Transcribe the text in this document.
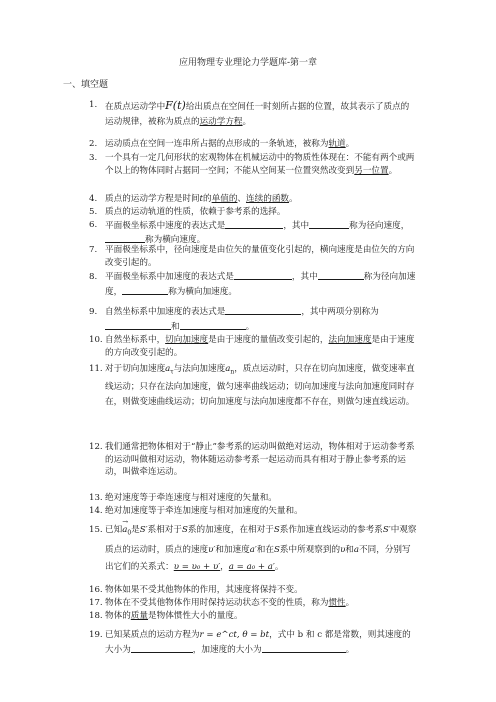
应用物理专业理论力学题库-第一章
一、填空题
1. 在质点运动学中F(t)给出质点在空间任一时刻所占据的位置，故其表示了质点的运动规律，被称为质点的运动学方程。
2. 运动质点在空间一连串所占据的点形成的一条轨迹，被称为轨道。
3. 一个具有一定几何形状的宏观物体在机械运动中的物质性体现在：不能有两个或两个以上的物体同时占据同一空间；不能从空间某一位置突然改变到另一位置。
4. 质点的运动学方程是时间t的单值的、连续的函数。
5. 质点的运动轨道的性质，依赖于参考系的选择。
6. 平面极坐标系中速度的表达式是	，其中	称为径向速度，称为横向速度。
7. 平面极坐标系中，径向速度是由位矢的量值变化引起的，横向速度是由位矢的方向改变引起的。
8. 平面极坐标系中加速度的表达式是	，其中	称为径向加速度，	称为横向加速度。
9. 自然坐标系中加速度的表达式是	，其中两项分别称为和	。
10. 自然坐标系中，切向加速度是由于速度的量值改变引起的，法向加速度是由于速度的方向改变引起的。
11. 对于切向加速度$a_\tau$与法向加速度$a_n$，质点运动时，只存在切向加速度，做变速率直线运动；只存在法向加速度，做匀速率曲线运动；切向加速度与法向加速度同时存在，则做变速曲线运动；切向加速度与法向加速度都不存在，则做匀速直线运动。
12. 我们通常把物体相对于“静止”参考系的运动叫做绝对运动，物体相对于运动参考系的运动叫做相对运动，物体随运动参考系一起运动而具有相对于静止参考系的运动，叫做牵连运动。
13. 绝对速度等于牵连速度与相对速度的矢量和。
14. 绝对加速度等于牵连加速度与相对加速度的矢量和。
15. 已知→ $a_0$是S′系相对于S系的加速度，在相对于S系作加速直线运动的参考系S′中观察质点的运动时，质点的速度υ′和加速度a′和在S系中所观察到的υ和a不同，分别写出它们的关系式：υ = υ₀ + υ′，a = a₀ + a′。
16. 物体如果不受其他物体的作用，其速度将保持不变。
17. 物体在不受其他物体作用时保持运动状态不变的性质，称为惯性。
18. 物体的质量是物体惯性大小的量度。
19. 已知某质点的运动方程为r = e^ct, θ = bt，式中 b 和 c 都是常数，则其速度的大小为	，加速度的大小为	。
